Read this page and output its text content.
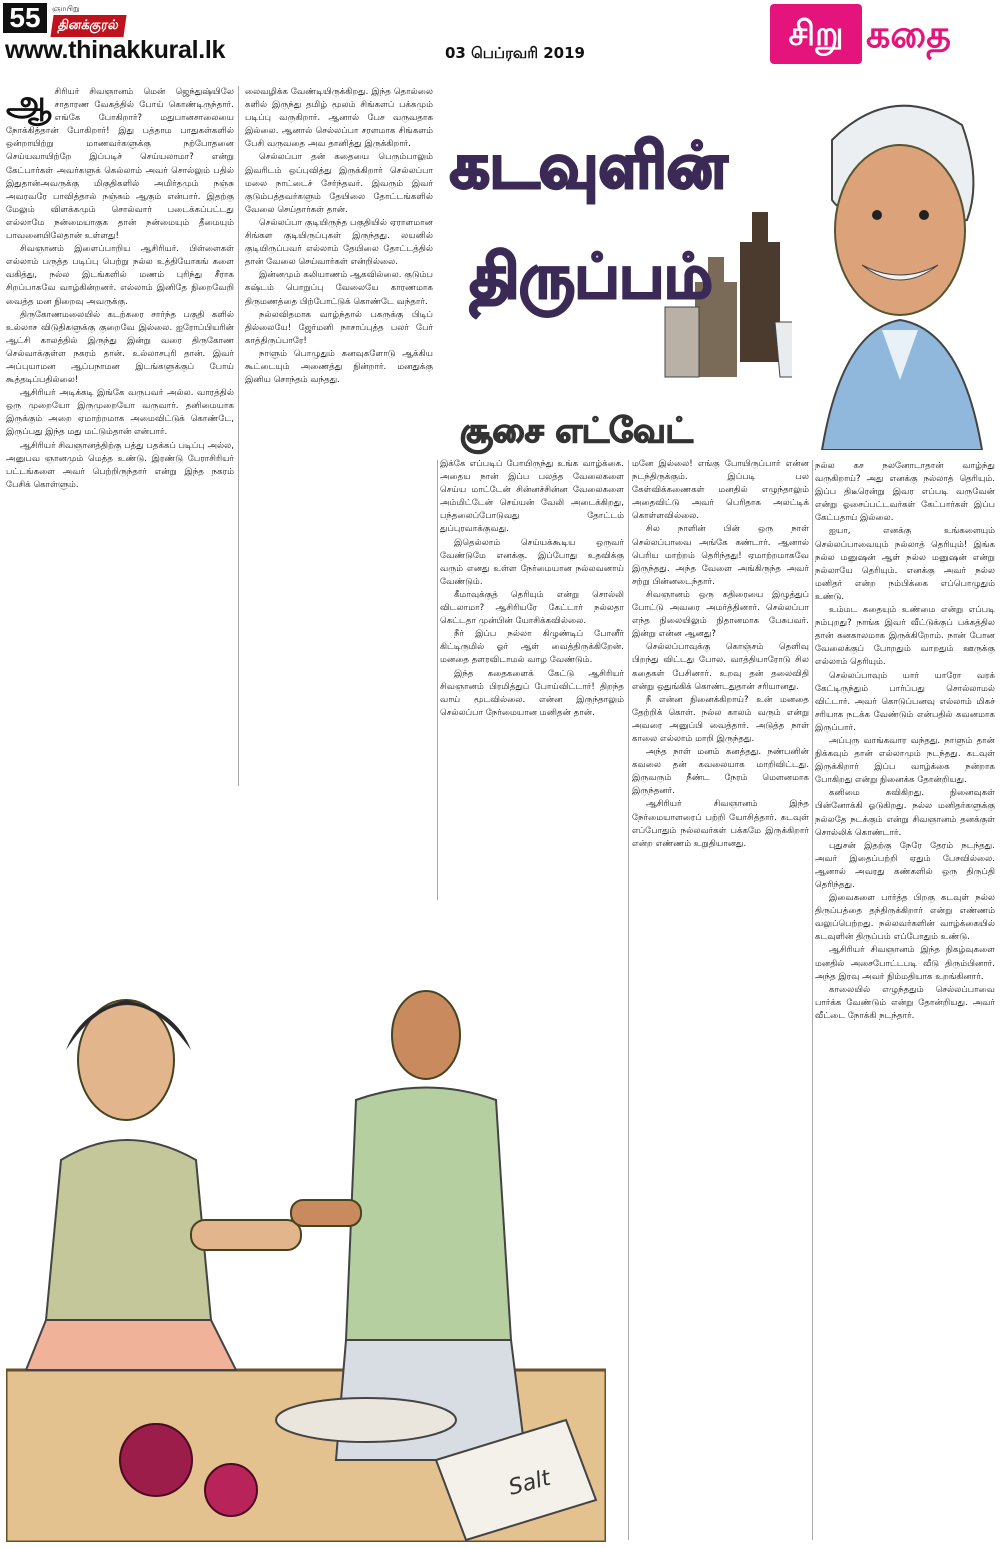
55	ஞாயிறு
தினக்குரல்
www.thinakkural.lk	03 பெப்ரவரி 2019	சிறு கதை
கடவுளின்
திருப்பம்
சூசை எட்வேட்
ஆ சிரியர் சிவஞானம் மென் ஜெந்துஷ்யிலே சாதாரண வேகத்தில் போய் கொண்டிருந்தார். எங்கே போகிறார்? மதுபானசாலையை நோக்கித்தான் போகிறார்! இது பத்தாம பாதுகள்களில் ஒன்றாயிற்று மாணவர்களுக்கு நற்போதனை செய்யவாயிற்றே இப்படிச் செய்யலாமா? என்று கேட்பார்கள் அவர்களுக் கெல்லாம் அவர் சொல்லும் பதில் இதுதான்அவருக்கு மிகுதிகளில் அமிர்தமும் நஞ்சு அவரவரே பாவித்தால் நஞ்சும் ஆகும் என்பார். இதற்கு மேலும் விளக்கமும் சொல்வார் படைக்கப்பட்டது எல்லாமே நன்மையாகுக தான் நன்மையும் தீமையும் பாவனையிலேதான் உள்ளது!

சிவஞானம் இளைப்பாறிய ஆசிரியர். பிள்ளைகள் எல்லாம் பருத்த படிப்பு பெற்று நல்ல உத்தியோகங் களை வகித்து, நல்ல இடங்களில் மணம் புரிந்து சீராக சிறப்பாகவே வாழ்கின்றனர். எல்லாம் இனிதே நிறைவேறி வைத்த மன நிறைவு அவருக்கு.

திருகோணமலையில் கடற்கரை சார்ந்த பகுதி களில் உல்லாச விடுதிகளுக்கு குறைவே இல்லை. ஐரோப்பியரின் ஆட்சி காலத்தில் இருந்து இன்று வரை திருகோண செல்வாக்குள்ள நகரம் தான். உல்லாசபுரி தான். இவர் அப்புயாமன ஆப்பநாமன இடங்களுக்குப் போய் கூத்தடிப்பதில்லை!

ஆசிரியர் அடிக்கடி இங்கே வருபவர் அல்ல. வாரத்தில் ஒரு முறையோ இருமுறையோ வருவார். தனிமையாக இருக்கும் அறை ஏமாற்றமாக அமைவிட்டுக் கொண்டே, இருப்பது இந்த மது மட்டும்தான் என்பார்.

ஆசிரியர் சிவஞானத்திற்கு பத்து பதக்கப் படிப்பு அல்ல, அனுபவ ஞானமும் மெத்த உண்டு. இரண்டு பேராசிரியர் பட்டங்களை அவர் பெற்றிருந்தார் என்று இந்த நகரம் பேசிக் கொள்ளும்.

லைவழிக்க வேண்டியிருக்கிறது. இந்த தொல்லை களில் இருந்து தமிழ் மூலம் சிங்களப் பக்கமும் படிப்பு வருகிறார். ஆனால் பேச வருவதாக இல்லை. ஆனால் செல்லப்பா சரளமாக சிங்களம் பேசி வருவதை அவ தானித்து இருக்கிறார்.

செல்லப்பா தன் கதையை பெரும்பாலும் இவரிடம் ஒப்புவித்து இருக்கிறார் செல்லப்பா மலை நாட்டைச் சேர்ந்தவர். இவரும் இவர் குடும்பத்தவர்களும் தேயிலை தோட்டங்களில் வேலை செய்தார்கள் தான்.

செல்லப்பா குடியிருந்த பகுதியில் ஏராளமான சிங்கள குடியிருப்புகள் இருந்தது. லயனில் குடியிருப்பவர் எல்லாம் தேயிலை தோட்டத்தில் தான் வேலை செய்வார்கள் என்றில்லை.

இன்னமும் கலியாணம் ஆகவில்லை. குடும்ப கஷ்டம் பொறுப்பு வேலையே காரணமாக திருமணத்தை பிற்போட்டுக் கொண்டே வந்தார்.

நல்லவிதமாக வாழ்ந்தால் பகருக்கு பிடிப் தில்லையே! ஜேர்மனி நாசாப்புத்த பலர் பேர் காத்திருப்பாரே!

நாளும் பொழுதும் கனவுகளோடு ஆக்கிய கூட்டையும் அணைத்து நின்றார். மனதுக்கு இனிய சொந்தம் வந்தது.

இக்கே எப்படிப் போயிருந்து உங்க வாழ்க்கை. அதைய நான் இப்ப பலத்த வேலைகளை செய்ய மாட்டேன் சின்னச்சின்ன வேலைகளை அம்மிட்டேன் செய்யன் வேலி அடைக்கிறது, பந்தலைப்போடுவது தோட்டம் துப்புரவாக்குவது.

இதெல்லாம் செய்யக்கூடிய ஒருவர் வேண்டுமே எனக்கு. இப்போது உதவிக்கு வரும் எனது உள்ள நேர்மையான நல்லவனாய் வேண்டும்.

கீமாவுக்குத் தெரியும் என்று சொல்லி விடலாமா? ஆசிரியரே கேட்டார் நல்லதா கெட்டதா முன்பின் யோசிக்கவில்லை.

நீர் இப்ப நல்லா கிழுண்டிப் போனீர் கிட்டிருமில் ஓர் ஆள் வைத்திருக்கிறேன். மனதை தளரவிடாமல் வாழ வேண்டும்.

இந்த கதைகளைக் கேட்டு ஆசிரியர் சிவஞானம் பிரமித்துப் போய்விட்டார்! திறந்த வாய் மூடவில்லை. என்ன இருந்தாலும் செல்லப்பா நேர்மையான மனிதன் தான்.

மனே இல்லை! எங்கு போயிருப்பார் என்ன நடந்திருக்கும். இப்படி பல கேள்விக்கணைகள் மனதில் எழுந்தாலும் அதைவிட்டு அவர் பெரிதாக அலட்டிக் கொள்ளவில்லை.

சில நாளின் பின் ஒரு நாள் செல்லப்பாவை அங்கே கண்டார். ஆனால் பெரிய மாற்றம் தெரிந்தது! ஏமாற்றமாகவே இருந்தது. அந்த வேளை அங்கிருந்த அவர் சற்று பின்னடைந்தார்.

சிவஞானம் ஒரு கதிரையை இழுத்துப் போட்டு அவரை அமர்த்தினார். செல்லப்பா எந்த நிலையிலும் நிதானமாக பேசுபவர். இன்று என்ன ஆனது?

செல்லப்பாவுக்கு கொஞ்சம் தெளிவு பிறந்து விட்டது போல. வாத்தியாரோடு சில கதைகள் பேசினார். உறவு தன் தலைவிதி என்று ஒதுங்கிக் கொண்டதுதான் சரியானது.

நீ என்ன நினைக்கிறாய்? உன் மனதை தேற்றிக் கொள். நல்ல காலம் வரும் என்று அவரை அனுப்பி வைத்தார். அடுத்த நாள் காலை எல்லாம் மாறி இருந்தது.

அந்த நாள் மனம் கனத்தது. நண்பனின் கவலை தன் கவலையாக மாறிவிட்டது. இருவரும் நீண்ட நேரம் மௌனமாக இருந்தனர்.

ஆசிரியர் சிவஞானம் இந்த நேர்மையாளரைப் பற்றி யோசித்தார். கடவுள் எப்போதும் நல்லவர்கள் பக்கமே இருக்கிறார் என்ற எண்ணம் உறுதியானது.

நல்ல கச நலனோடாதான் வாழ்ந்து வருகிறாய்? அது எனக்கு நல்லாத் தெரியும். இப்ப திடீரென்று இவர எப்படி வருவேன் என்று ஓசைப்பட்டவர்கள் கேட்பார்கள் இப்ப கேட்பதாய் இல்லை.

ஐயா, எனக்கு உங்களையும் செல்லப்பாவையும் நல்லாத் தெரியும்! இங்க நல்ல மனுஷன் ஆள் நல்ல மனுஷன் என்று நல்லாயே தெரியும். எனக்கு அவர் நல்ல மனிதர் என்ற நம்பிக்கை எப்பொழுதும் உண்டு.

உம்மட கதையும் உண்மை என்று எப்படி நம்புறது? நாங்க இவர் வீட்டுக்குப் பக்கத்தில தான் கனகாலமாக இருக்கிறோம். நான் போன வேலைக்குப் போறதும் வாறதும் ஊருக்கு எல்லாம் தெரியும்.

செல்லப்பாவும் யார் யாரோ வரக் கேட்டிருந்தும் பார்ப்பது சொல்லாமல் விட்டார். அவர் கொடுப்பனவு எல்லாம் மிகச் சரியாக நடக்க வேண்டும் என்பதில் கவனமாக இருப்பார்.

அப்புரு வாங்கவார வந்தது. நாளும் தான் நிக்கவும் தான் எல்லாமும் நடந்தது. கடவுள் இருக்கிறார் இப்ப வாழ்க்கை நன்றாக போகிறது என்று நினைக்க தோன்றியது.

கனிமை கவிகிறது. நினைவுகள் பின்னோக்கி ஓடுகிறது. நல்ல மனிதர்களுக்கு நல்லதே நடக்கும் என்று சிவஞானம் தனக்குள் சொல்லிக் கொண்டார்.

புதுசன் இதற்கு நேரே தேரம் நடந்தது. அவர் இதைப்பற்றி ஏதும் பேசவில்லை. ஆனால் அவரது கண்களில் ஒரு திருப்தி தெரிந்தது.

இவைகளை பார்த்த பிறகு கடவுள் நல்ல திருப்பத்தை தந்திருக்கிறார் என்று எண்ணம் வலுப்பெற்றது. நல்லவர்களின் வாழ்க்கையில் கடவுளின் திருப்பம் எப்போதும் உண்டு.

ஆசிரியர் சிவஞானம் இந்த நிகழ்வுகளை மனதில் அசைபோட்டபடி வீடு திரும்பினார். அந்த இரவு அவர் நிம்மதியாக உறங்கினார்.

காலையில் எழுந்ததும் செல்லப்பாவை பார்க்க வேண்டும் என்று தோன்றியது. அவர் வீட்டை நோக்கி நடந்தார்.

Salt
